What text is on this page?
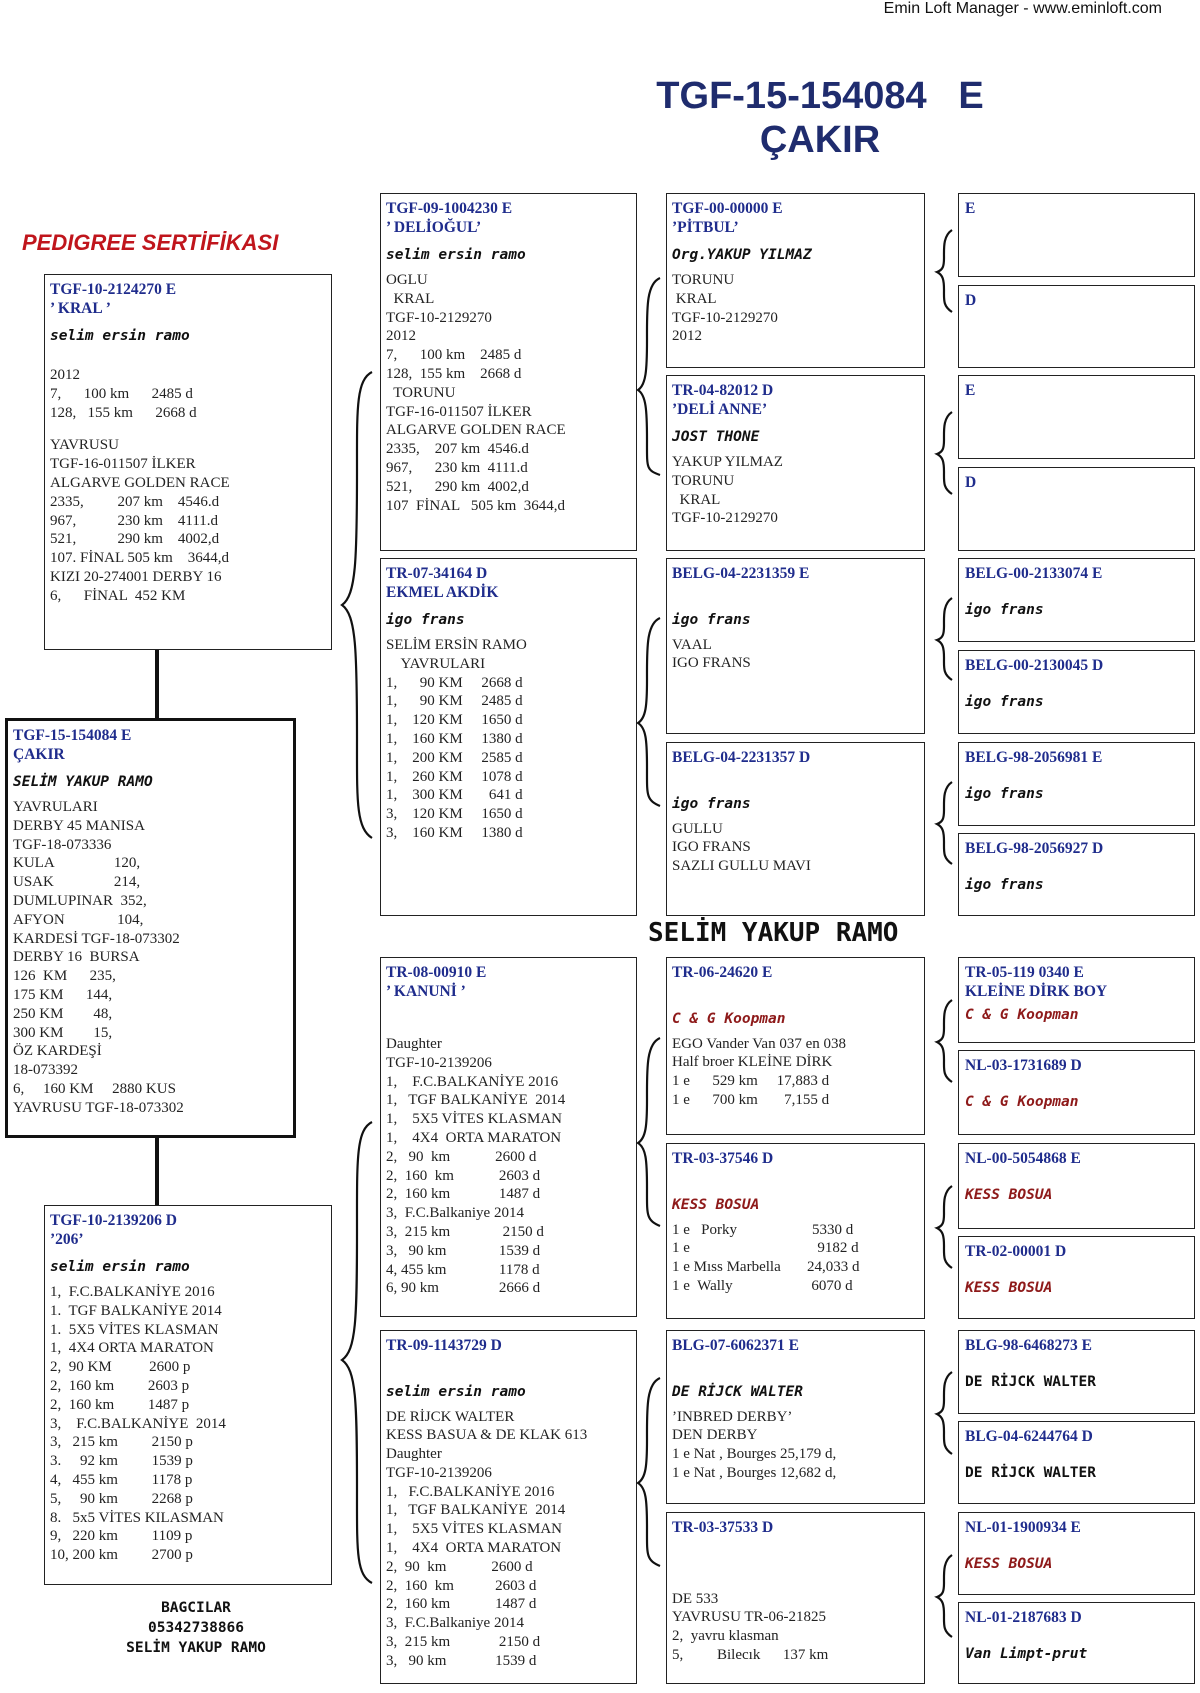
Emin Loft Manager - www.eminloft.com
TGF-15-154084   E
ÇAKIR
PEDIGREE SERTİFİKASI
SELİM YAKUP RAMO
TGF-10-2124270 E
’ KRAL ’
selim ersin ramo
2012
7,      100 km      2485 d
128,   155 km      2668 d
YAVRUSU
TGF-16-011507 İLKER
ALGARVE GOLDEN RACE
2335,         207 km    4546.d
967,           230 km    4111.d
521,           290 km    4002,d
107. FİNAL 505 km    3644,d
KIZI 20-274001 DERBY 16
6,      FİNAL  452 KM
TGF-15-154084 E
ÇAKIR
SELİM YAKUP RAMO
YAVRULARI
DERBY 45 MANISA
TGF-18-073336
KULA                120,
USAK                214,
DUMLUPINAR  352,
AFYON              104,
KARDESİ TGF-18-073302
DERBY 16  BURSA
126  KM      235,
175 KM      144,
250 KM        48,
300 KM        15,
ÖZ KARDEŞİ
18-073392
6,     160 KM     2880 KUS
YAVRUSU TGF-18-073302
TGF-10-2139206 D
’206’
selim ersin ramo
1,  F.C.BALKANİYE 2016
1.  TGF BALKANİYE 2014
1.  5X5 VİTES KLASMAN
1,  4X4 ORTA MARATON
2,  90 KM          2600 p
2,  160 km         2603 p
2,  160 km         1487 p
3,    F.C.BALKANİYE  2014
3,   215 km         2150 p
3.     92 km         1539 p
4,   455 km         1178 p
5,     90 km         2268 p
8.   5x5 VİTES KILASMAN
9,   220 km         1109 p
10, 200 km         2700 p
TGF-09-1004230 E
’ DELİOĞUL’
selim ersin ramo
OGLU
KRAL
TGF-10-2129270
2012
7,      100 km    2485 d
128,  155 km    2668 d
TORUNU
TGF-16-011507 İLKER
ALGARVE GOLDEN RACE
2335,    207 km  4546.d
967,      230 km  4111.d
521,      290 km  4002,d
107  FİNAL   505 km  3644,d
TR-07-34164 D
EKMEL AKDİK
igo frans
SELİM ERSİN RAMO
YAVRULARI
1,      90 KM     2668 d
1,      90 KM     2485 d
1,    120 KM     1650 d
1,    160 KM     1380 d
1,    200 KM     2585 d
1,    260 KM     1078 d
1,    300 KM       641 d
3,    120 KM     1650 d
3,    160 KM     1380 d
TR-08-00910 E
’ KANUNİ ’
Daughter
TGF-10-2139206
1,    F.C.BALKANİYE 2016
1,   TGF BALKANİYE  2014
1,    5X5 VİTES KLASMAN
1,    4X4  ORTA MARATON
2,   90  km            2600 d
2,  160  km            2603 d
2,  160 km             1487 d
3,  F.C.Balkaniye 2014
3,  215 km              2150 d
3,   90 km              1539 d
4, 455 km              1178 d
6, 90 km                2666 d
TR-09-1143729 D
selim ersin ramo
DE RİJCK WALTER
KESS BASUA & DE KLAK 613
Daughter
TGF-10-2139206
1,   F.C.BALKANİYE 2016
1,   TGF BALKANİYE  2014
1,    5X5 VİTES KLASMAN
1,    4X4  ORTA MARATON
2,  90  km            2600 d
2,  160  km           2603 d
2,  160 km            1487 d
3,  F.C.Balkaniye 2014
3,  215 km             2150 d
3,   90 km             1539 d
TGF-00-00000 E
’PİTBUL’
Org.YAKUP YILMAZ
TORUNU
KRAL
TGF-10-2129270
2012
TR-04-82012 D
’DELİ ANNE’
JOST THONE
YAKUP YILMAZ
TORUNU
KRAL
TGF-10-2129270
BELG-04-2231359 E
igo frans
VAAL
IGO FRANS
BELG-04-2231357 D
igo frans
GULLU
IGO FRANS
SAZLI GULLU MAVI
TR-06-24620 E
C & G Koopman
EGO Vander Van 037 en 038
Half broer KLEİNE DİRK
1 e      529 km     17,883 d
1 e      700 km       7,155 d
TR-03-37546 D
KESS BOSUA
1 e   Porky                    5330 d
1 e                                  9182 d
1 e Mıss Marbella       24,033 d
1 e  Wally                     6070 d
BLG-07-6062371 E
DE RİJCK WALTER
’INBRED DERBY’
DEN DERBY
1 e Nat , Bourges 25,179 d,
1 e Nat , Bourges 12,682 d,
TR-03-37533 D
DE 533
YAVRUSU TR-06-21825
2,  yavru klasman
5,         Bilecık      137 km
E
D
E
D
BELG-00-2133074 E
igo frans
BELG-00-2130045 D
igo frans
BELG-98-2056981 E
igo frans
BELG-98-2056927 D
igo frans
TR-05-119 0340 E
KLEİNE DİRK BOY
C & G Koopman
NL-03-1731689 D
C & G Koopman
NL-00-5054868 E
KESS BOSUA
TR-02-00001 D
KESS BOSUA
BLG-98-6468273 E
DE RİJCK WALTER
BLG-04-6244764 D
DE RİJCK WALTER
NL-01-1900934 E
KESS BOSUA
NL-01-2187683 D
Van Limpt-prut
BAGCILAR
05342738866
SELİM YAKUP RAMO
